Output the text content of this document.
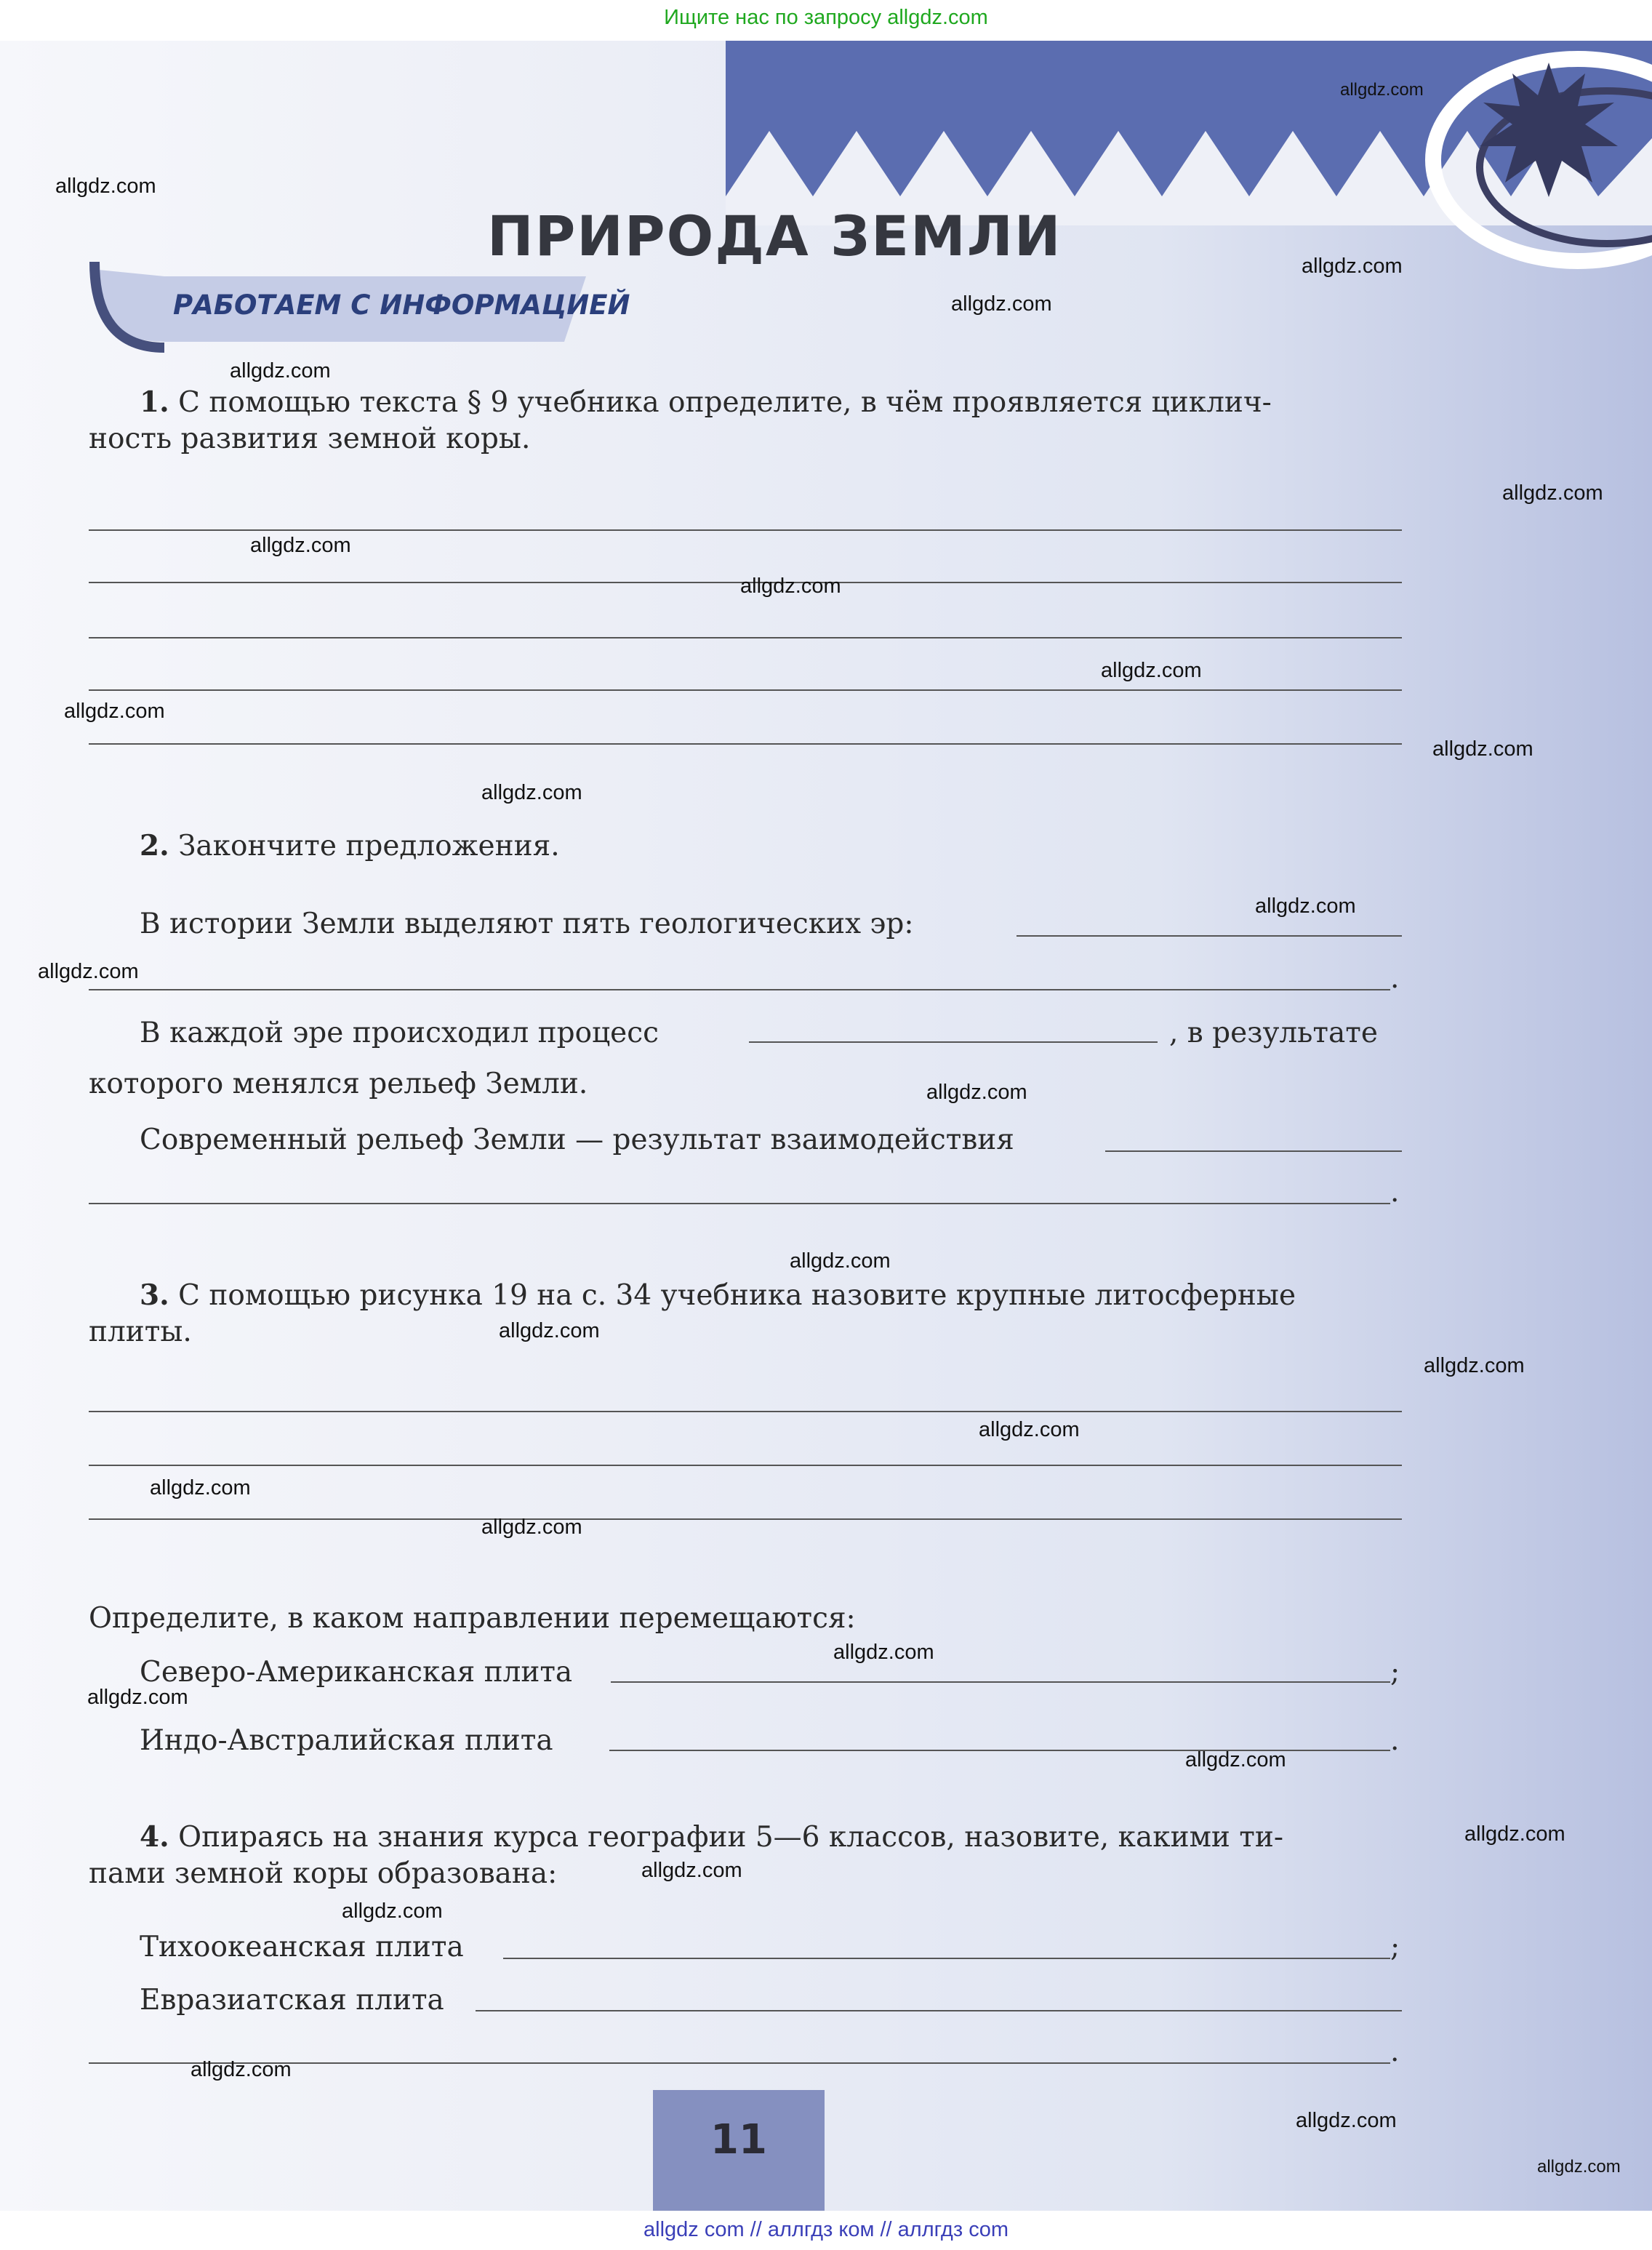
Ищите нас по запросу allgdz.com
ПРИРОДА ЗЕМЛИ
РАБОТАЕМ С ИНФОРМАЦИЕЙ
1. С помощью текста § 9 учебника определите, в чём проявляется циклич-
ность развития земной коры.
2. Закончите предложения.
В истории Земли выделяют пять геологических эр:
.
В каждой эре происходил процесс	, в результате
которого менялся рельеф Земли.
Современный рельеф Земли — результат взаимодействия
.
3. С помощью рисунка 19 на с. 34 учебника назовите крупные литосферные
плиты.
Определите, в каком направлении перемещаются:
Северо-Американская плита	;
Индо-Австралийская плита	.
4. Опираясь на знания курса географии 5—6 классов, назовите, какими ти-
пами земной коры образована:
Тихоокеанская плита	;
Евразиатская плита
.
11
allgdz.com
allgdz.com
allgdz.com
allgdz.com
allgdz.com
allgdz.com
allgdz.com
allgdz.com
allgdz.com
allgdz.com
allgdz.com
allgdz.com
allgdz.com
allgdz.com
allgdz.com
allgdz.com
allgdz.com
allgdz.com
allgdz.com
allgdz.com
allgdz.com
allgdz.com
allgdz.com
allgdz.com
allgdz.com
allgdz.com
allgdz.com
allgdz.com
allgdz.com
allgdz.com
allgdz com // аллгдз ком // аллгдз com
